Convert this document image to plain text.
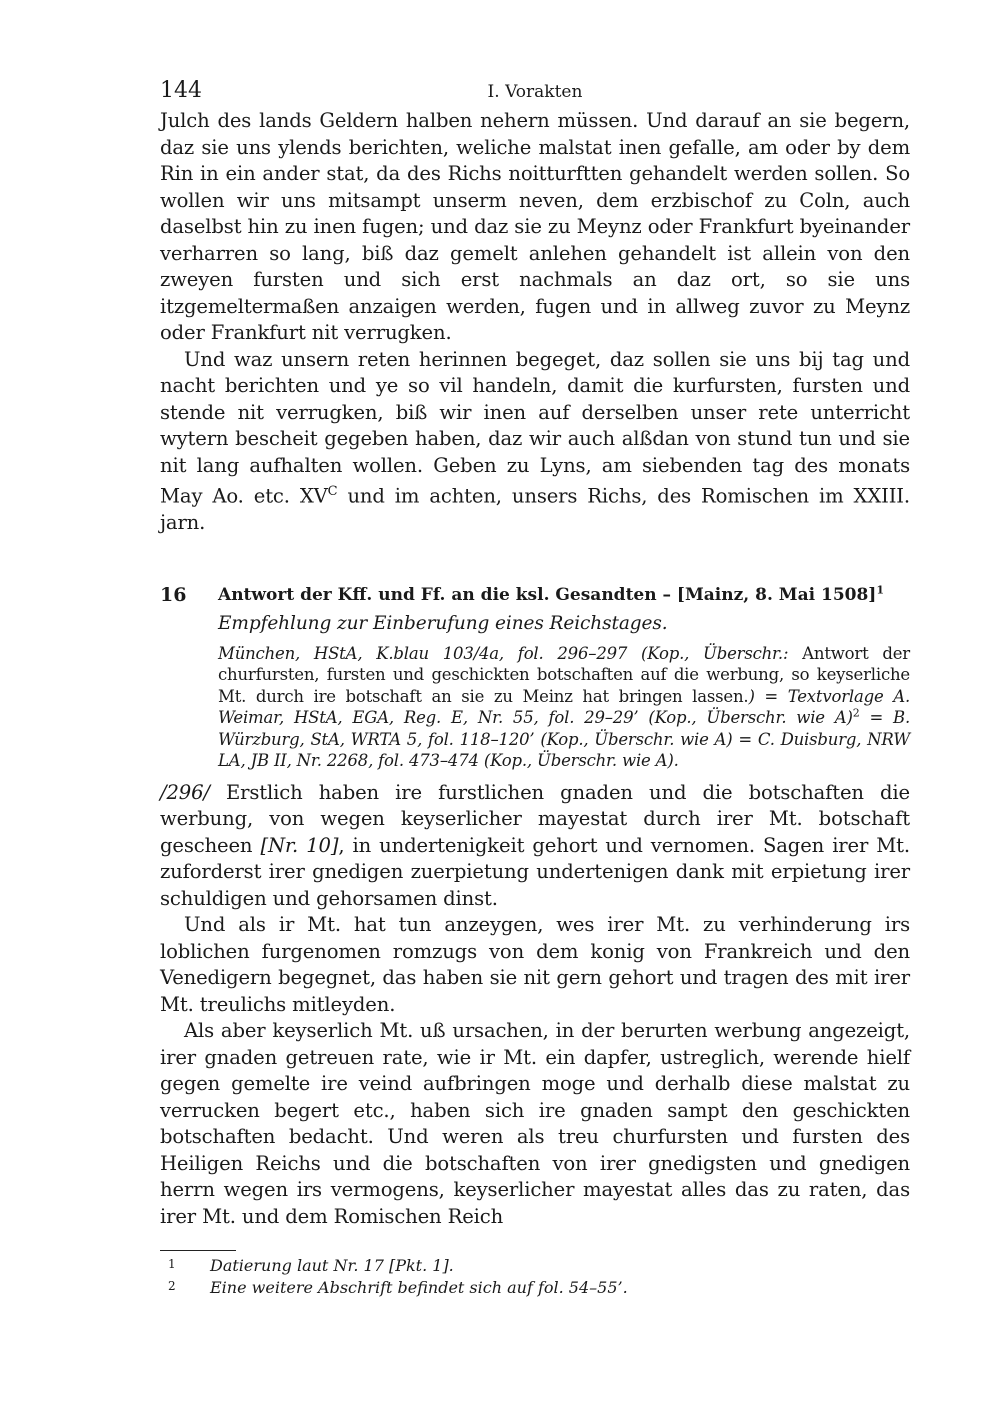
144	I. Vorakten

Julch des lands Geldern halben nehern müssen. Und darauf an sie begern, daz sie uns ylends berichten, weliche malstat inen gefalle, am oder by dem Rin in ein ander stat, da des Richs noitturftten gehandelt werden sollen. So wollen wir uns mitsampt unserm neven, dem erzbischof zu Coln, auch daselbst hin zu inen fugen; und daz sie zu Meynz oder Frankfurt byeinander verharren so lang, biß daz gemelt anlehen gehandelt ist allein von den zweyen fursten und sich erst nachmals an daz ort, so sie uns itzgemeltermaßen anzaigen werden, fugen und in allweg zuvor zu Meynz oder Frankfurt nit verrugken.

Und waz unsern reten herinnen begeget, daz sollen sie uns bij tag und nacht berichten und ye so vil handeln, damit die kurfursten, fursten und stende nit verrugken, biß wir inen auf derselben unser rete unterricht wytern bescheit gegeben haben, daz wir auch alßdan von stund tun und sie nit lang aufhalten wollen. Geben zu Lyns, am siebenden tag des monats May Ao. etc. $XV^C$ und im achten, unsers Richs, des Romischen im XXIII. jarn.

16 Antwort der Kff. und Ff. an die ksl. Gesandten – [Mainz, 8. Mai 1508]$^1$
Empfehlung zur Einberufung eines Reichstages.
München, HStA, K.blau 103/4a, fol. 296–297 (Kop., Überschr.: Antwort der churfursten, fursten und geschickten botschaften auf die werbung, so keyserliche Mt. durch ire botschaft an sie zu Meinz hat bringen lassen.) = Textvorlage A. Weimar, HStA, EGA, Reg. E, Nr. 55, fol. 29–29’ (Kop., Überschr. wie A)$^2$ = B. Würzburg, StA, WRTA 5, fol. 118–120’ (Kop., Überschr. wie A) = C. Duisburg, NRW LA, JB II, Nr. 2268, fol. 473–474 (Kop., Überschr. wie A).

/296/ Erstlich haben ire furstlichen gnaden und die botschaften die werbung, von wegen keyserlicher mayestat durch irer Mt. botschaft gescheen [Nr. 10], in undertenigkeit gehort und vernomen. Sagen irer Mt. zuforderst irer gnedigen zuerpietung undertenigen dank mit erpietung irer schuldigen und gehorsamen dinst.

Und als ir Mt. hat tun anzeygen, wes irer Mt. zu verhinderung irs loblichen furgenomen romzugs von dem konig von Frankreich und den Venedigern begegnet, das haben sie nit gern gehort und tragen des mit irer Mt. treulichs mitleyden.

Als aber keyserlich Mt. uß ursachen, in der berurten werbung angezeigt, irer gnaden getreuen rate, wie ir Mt. ein dapfer, ustreglich, werende hielf gegen gemelte ire veind aufbringen moge und derhalb diese malstat zu verrucken begert etc., haben sich ire gnaden sampt den geschickten botschaften bedacht. Und weren als treu churfursten und fursten des Heiligen Reichs und die botschaften von irer gnedigsten und gnedigen herrn wegen irs vermogens, keyserlicher mayestat alles das zu raten, das irer Mt. und dem Romischen Reich

1	Datierung laut Nr. 17 [Pkt. 1].
2	Eine weitere Abschrift befindet sich auf fol. 54–55’.
